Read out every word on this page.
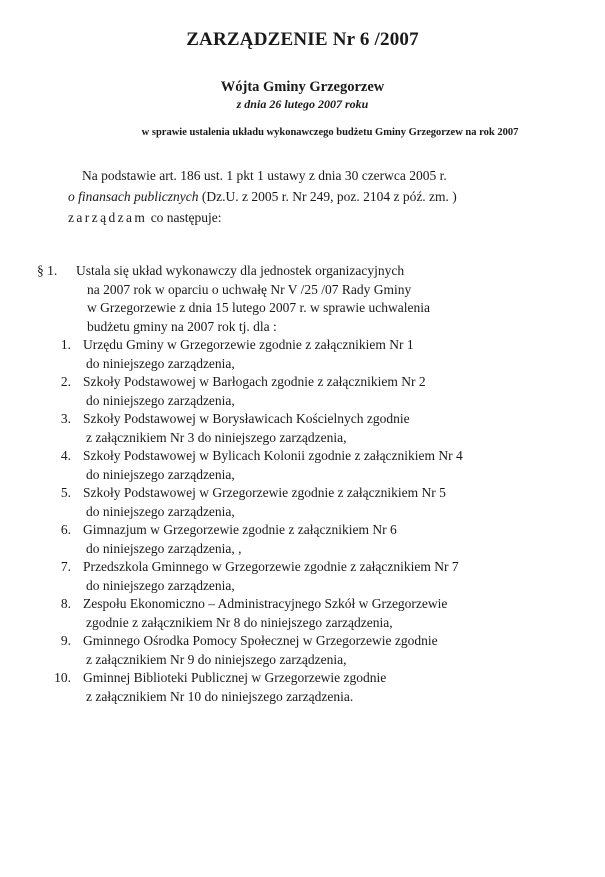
ZARZĄDZENIE Nr 6 /2007
Wójta Gminy Grzegorzew
z dnia 26 lutego 2007 roku
w sprawie ustalenia układu wykonawczego budżetu Gminy Grzegorzew na rok 2007
Na podstawie art. 186 ust. 1 pkt 1 ustawy z dnia 30 czerwca 2005 r.
o finansach publicznych (Dz.U. z 2005 r. Nr 249, poz. 2104 z póź. zm. )
zarządzam co następuje:
§ 1. Ustala się układ wykonawczy dla jednostek organizacyjnych
na 2007 rok w oparciu o uchwałę Nr V /25 /07 Rady Gminy
w Grzegorzewie z dnia 15 lutego 2007 r. w sprawie uchwalenia
budżetu gminy na 2007 rok tj. dla :
1. Urzędu Gminy w Grzegorzewie zgodnie z załącznikiem Nr 1
do niniejszego zarządzenia,
2. Szkoły Podstawowej w Barłogach zgodnie z załącznikiem Nr 2
do niniejszego zarządzenia,
3. Szkoły Podstawowej w Borysławicach Kościelnych zgodnie
z załącznikiem Nr 3 do niniejszego zarządzenia,
4. Szkoły Podstawowej w Bylicach Kolonii zgodnie z załącznikiem Nr 4
do niniejszego zarządzenia,
5. Szkoły Podstawowej w Grzegorzewie zgodnie z załącznikiem Nr 5
do niniejszego zarządzenia,
6. Gimnazjum w Grzegorzewie zgodnie z załącznikiem Nr 6
do niniejszego zarządzenia, ,
7. Przedszkola Gminnego w Grzegorzewie zgodnie z załącznikiem Nr 7
do niniejszego zarządzenia,
8. Zespołu Ekonomiczno – Administracyjnego Szkół w Grzegorzewie
zgodnie z załącznikiem Nr 8 do niniejszego zarządzenia,
9. Gminnego Ośrodka Pomocy Społecznej w Grzegorzewie zgodnie
z załącznikiem Nr 9 do niniejszego zarządzenia,
10. Gminnej Biblioteki Publicznej w Grzegorzewie zgodnie
z załącznikiem Nr 10 do niniejszego zarządzenia.
